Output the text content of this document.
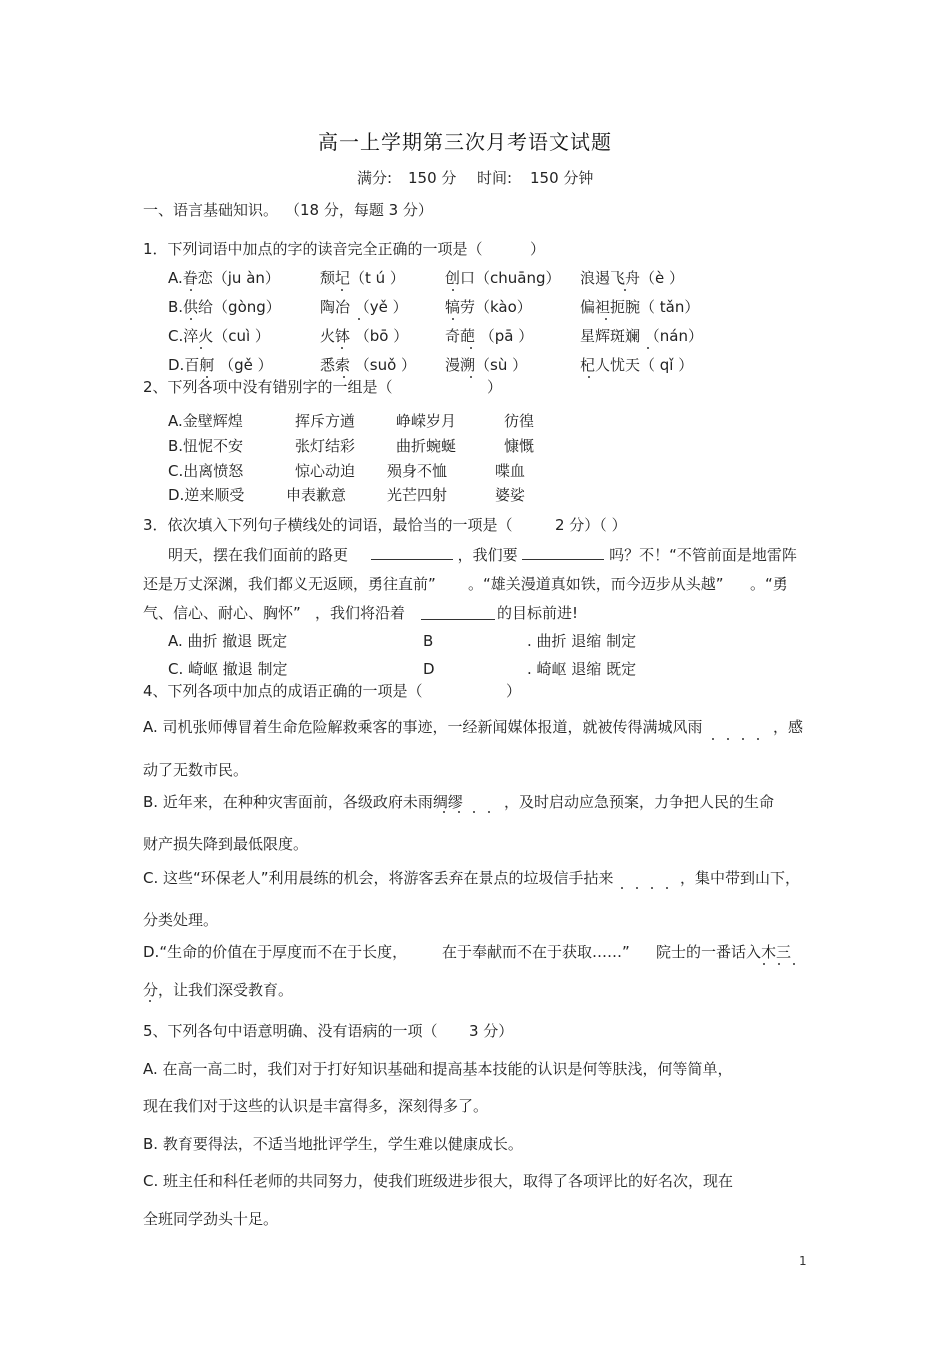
高一上学期第三次月考语文试题
满分: 150 分 时间: 150 分钟
一、语言基础知识。 （18 分，每题 3 分）
1．下列词语中加点的字的读音完全正确的一项是（	）
A.眷恋（ju àn）	颓圮（t ú ）	创口（chuāng） 浪遏飞舟（è ）
B.供给（gòng）	陶冶 （yě ） 犒劳（kào）	偏袒扼腕（ tǎn）
C.淬火（cuì ）	火钵 （bō ） 奇葩 （pā ）	星辉斑斓 （nán）
D.百舸 （gě ）	悉索 （suǒ ） 漫溯（sù ）	杞人忧天（ qǐ ）
2、下列各项中没有错别字的一组是（	）
A.金壁辉煌	挥斥方遒	峥嵘岁月	彷徨
B.忸怩不安	张灯结彩	曲折蜿蜒	慷慨
C.出离愤怒	惊心动迫 殒身不恤	喋血
D.逆来顺受	申表歉意	光芒四射	婆娑
3．依次填入下列句子横线处的词语，最恰当的一项是（	2 分）（ ）
明天，摆在我们面前的路更	，我们要	吗？不！“不管前面是地雷阵
还是万丈深渊，我们都义无返顾，勇往直前” 。“雄关漫道真如铁，而今迈步从头越” 。“勇
气、信心、耐心、胸怀” ，我们将沿着	的目标前进!
A. 曲折 撤退 既定	B	. 曲折 退缩 制定
C. 崎岖 撤退 制定	D	. 崎岖 退缩 既定
4、下列各项中加点的成语正确的一项是（	）
A. 司机张师傅冒着生命危险解救乘客的事迹，一经新闻媒体报道，就被传得满城风雨	，感
动了无数市民。
B. 近年来，在种种灾害面前，各级政府未雨绸缪	，及时启动应急预案，力争把人民的生命
财产损失降到最低限度。
C. 这些“环保老人”利用晨练的机会，将游客丢弃在景点的垃圾信手拈来	，集中带到山下，
分类处理。
D.“生命的价值在于厚度而不在于长度， 在于奉献而不在于获取……” 院士的一番话入木三
分，让我们深受教育。
5、下列各句中语意明确、没有语病的一项（ 3 分）
A. 在高一高二时，我们对于打好知识基础和提高基本技能的认识是何等肤浅，何等简单，
现在我们对于这些的认识是丰富得多，深刻得多了。
B. 教育要得法，不适当地批评学生，学生难以健康成长。
C. 班主任和科任老师的共同努力，使我们班级进步很大，取得了各项评比的好名次，现在
全班同学劲头十足。
1
